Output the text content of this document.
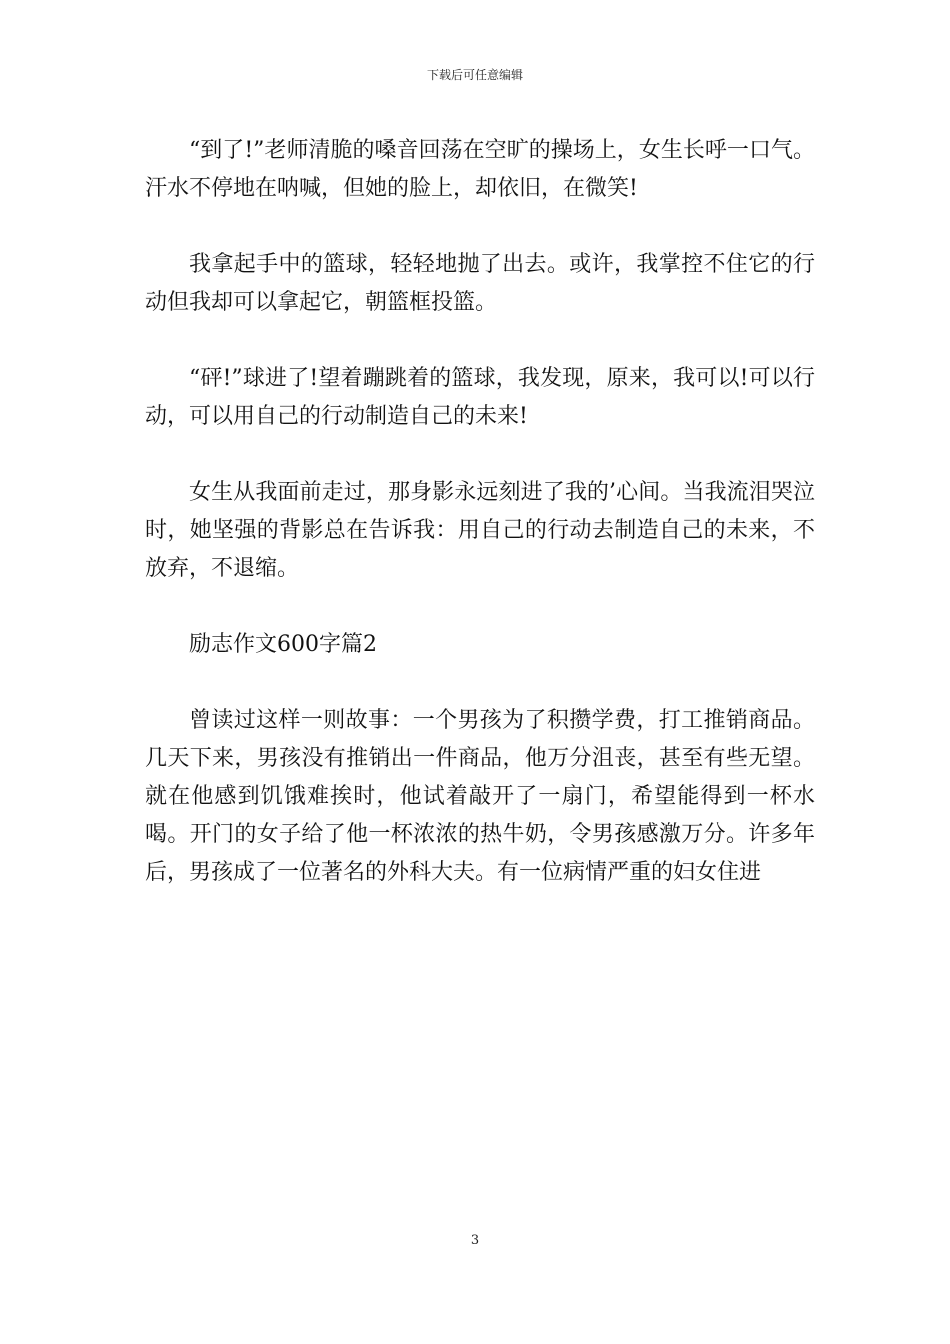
下载后可任意编辑

“到了!”老师清脆的嗓音回荡在空旷的操场上，女生长呼一口气。汗水不停地在呐喊，但她的脸上，却依旧，在微笑!

我拿起手中的篮球，轻轻地抛了出去。或许，我掌控不住它的行动但我却可以拿起它，朝篮框投篮。

“砰!”球进了!望着蹦跳着的篮球，我发现，原来，我可以!可以行动，可以用自己的行动制造自己的未来!

女生从我面前走过，那身影永远刻进了我的’心间。当我流泪哭泣时，她坚强的背影总在告诉我：用自己的行动去制造自己的未来，不放弃，不退缩。

励志作文600字篇2

曾读过这样一则故事：一个男孩为了积攒学费，打工推销商品。几天下来，男孩没有推销出一件商品，他万分沮丧，甚至有些无望。就在他感到饥饿难挨时，他试着敲开了一扇门，希望能得到一杯水喝。开门的女子给了他一杯浓浓的热牛奶，令男孩感激万分。许多年后，男孩成了一位著名的外科大夫。有一位病情严重的妇女住进

3
